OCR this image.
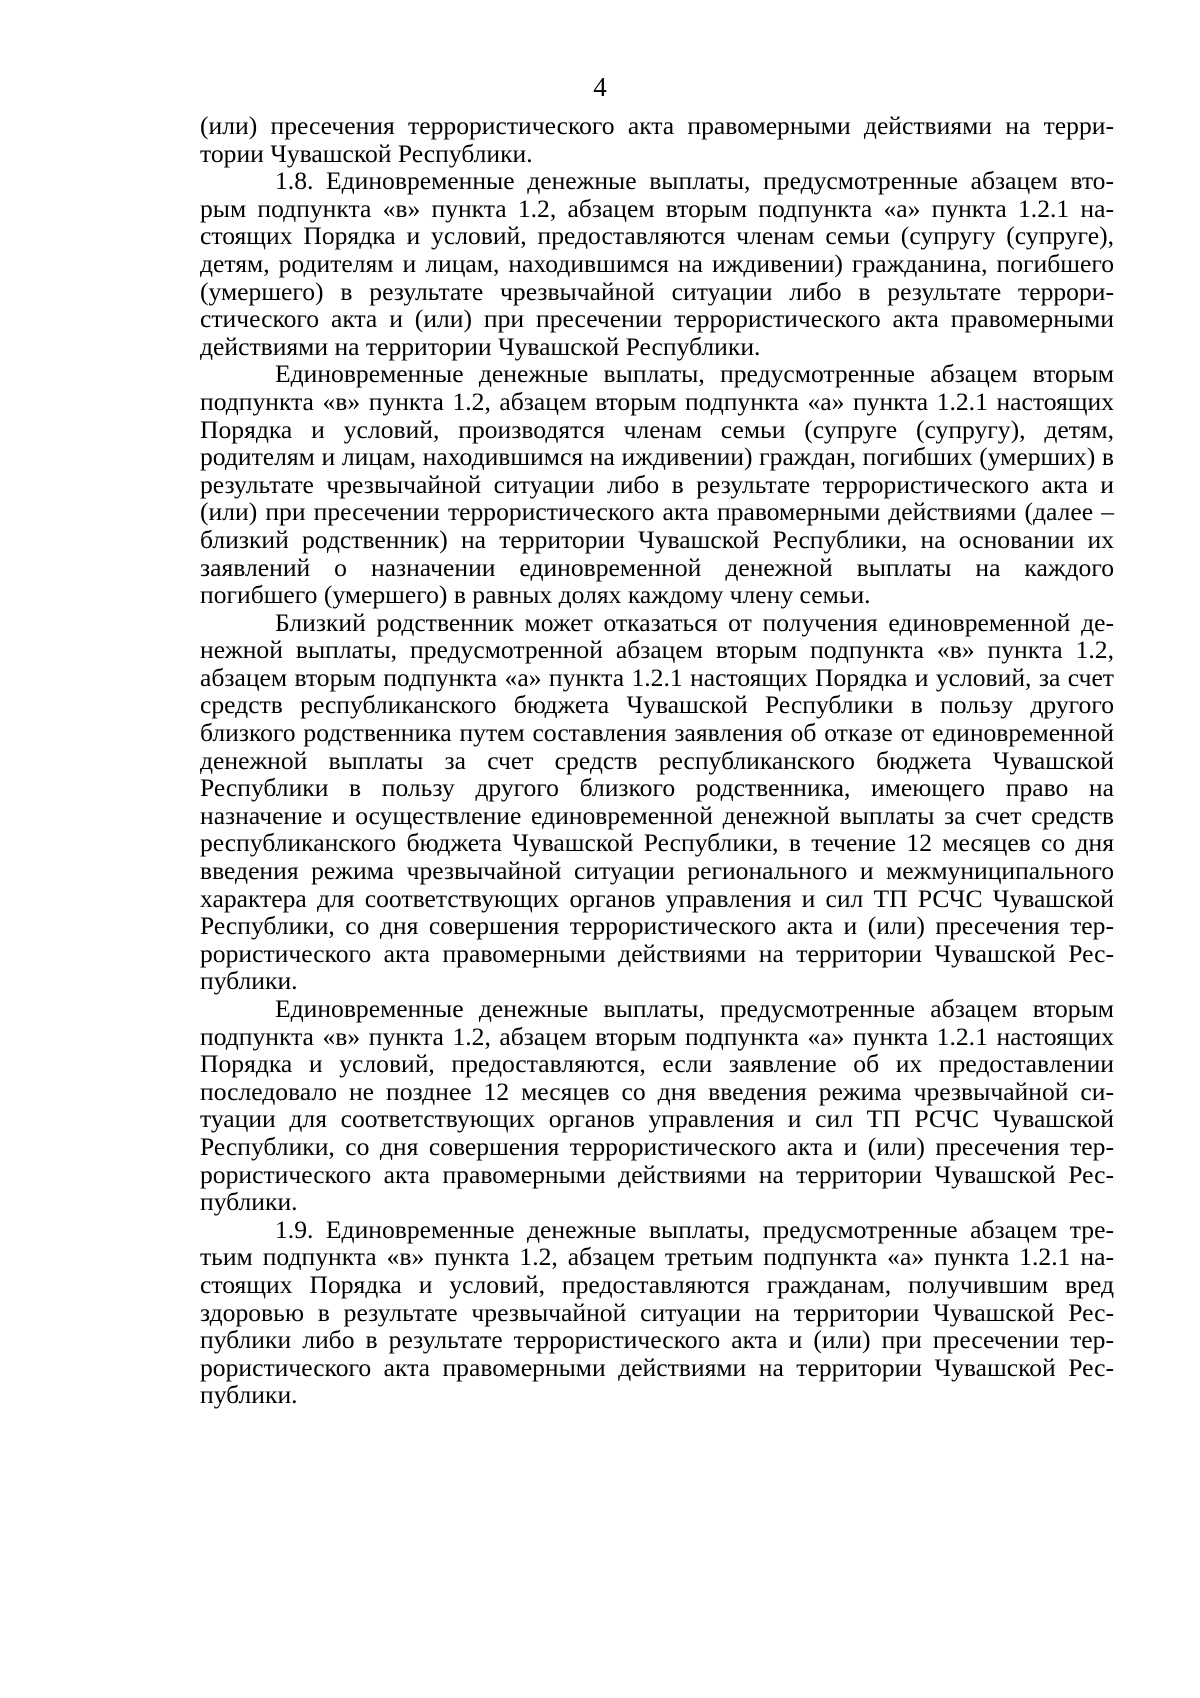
4

(или) пресечения террористического акта правомерными действиями на территории Чувашской Республики.

1.8. Единовременные денежные выплаты, предусмотренные абзацем вторым подпункта «в» пункта 1.2, абзацем вторым подпункта «а» пункта 1.2.1 настоящих Порядка и условий, предоставляются членам семьи (супругу (супруге), детям, родителям и лицам, находившимся на иждивении) гражданина, погибшего (умершего) в результате чрезвычайной ситуации либо в результате террористического акта и (или) при пресечении террористического акта правомерными действиями на территории Чувашской Республики.

Единовременные денежные выплаты, предусмотренные абзацем вторым подпункта «в» пункта 1.2, абзацем вторым подпункта «а» пункта 1.2.1 настоящих Порядка и условий, производятся членам семьи (супруге (супругу), детям, родителям и лицам, находившимся на иждивении) граждан, погибших (умерших) в результате чрезвычайной ситуации либо в результате террористического акта и (или) при пресечении террористического акта правомерными действиями (далее – близкий родственник) на территории Чувашской Республики, на основании их заявлений о назначении единовременной денежной выплаты на каждого погибшего (умершего) в равных долях каждому члену семьи.

Близкий родственник может отказаться от получения единовременной денежной выплаты, предусмотренной абзацем вторым подпункта «в» пункта 1.2, абзацем вторым подпункта «а» пункта 1.2.1 настоящих Порядка и условий, за счет средств республиканского бюджета Чувашской Республики в пользу другого близкого родственника путем составления заявления об отказе от единовременной денежной выплаты за счет средств республиканского бюджета Чувашской Республики в пользу другого близкого родственника, имеющего право на назначение и осуществление единовременной денежной выплаты за счет средств республиканского бюджета Чувашской Республики, в течение 12 месяцев со дня введения режима чрезвычайной ситуации регионального и межмуниципального характера для соответствующих органов управления и сил ТП РСЧС Чувашской Республики, со дня совершения террористического акта и (или) пресечения террористического акта правомерными действиями на территории Чувашской Республики.

Единовременные денежные выплаты, предусмотренные абзацем вторым подпункта «в» пункта 1.2, абзацем вторым подпункта «а» пункта 1.2.1 настоящих Порядка и условий, предоставляются, если заявление об их предоставлении последовало не позднее 12 месяцев со дня введения режима чрезвычайной ситуации для соответствующих органов управления и сил ТП РСЧС Чувашской Республики, со дня совершения террористического акта и (или) пресечения террористического акта правомерными действиями на территории Чувашской Республики.

1.9. Единовременные денежные выплаты, предусмотренные абзацем третьим подпункта «в» пункта 1.2, абзацем третьим подпункта «а» пункта 1.2.1 настоящих Порядка и условий, предоставляются гражданам, получившим вред здоровью в результате чрезвычайной ситуации на территории Чувашской Республики либо в результате террористического акта и (или) при пресечении террористического акта правомерными действиями на территории Чувашской Республики.
